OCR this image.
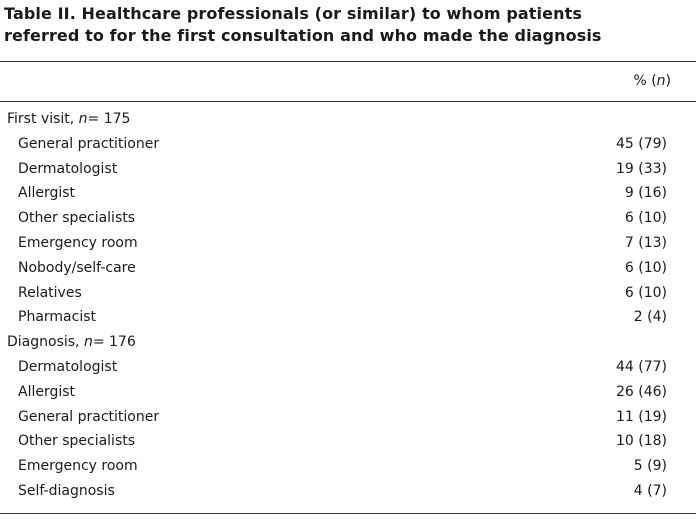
Table II. Healthcare professionals (or similar) to whom patients
referred to for the first consultation and who made the diagnosis
% (n)
First visit, n= 175
General practitioner	45 (79)
Dermatologist	19 (33)
Allergist	9 (16)
Other specialists	6 (10)
Emergency room	7 (13)
Nobody/self-care	6 (10)
Relatives	6 (10)
Pharmacist	2 (4)
Diagnosis, n= 176
Dermatologist	44 (77)
Allergist	26 (46)
General practitioner	11 (19)
Other specialists	10 (18)
Emergency room	5 (9)
Self-diagnosis	4 (7)
